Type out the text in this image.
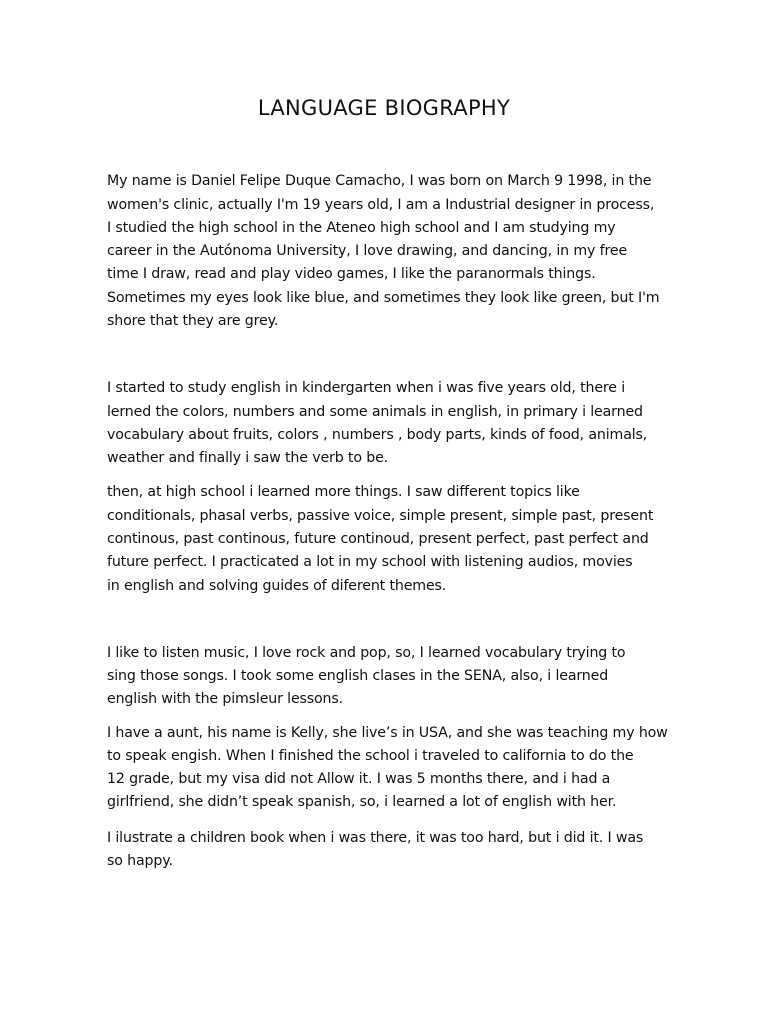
LANGUAGE BIOGRAPHY

My name is Daniel Felipe Duque Camacho, I was born on March 9 1998, in the

women's clinic, actually I'm 19 years old, I am a Industrial designer in process,

I studied the high school in the Ateneo high school and I am studying my

career in the Autónoma University, I love drawing, and dancing, in my free

time I draw, read and play video games, I like the paranormals things.

Sometimes my eyes look like blue, and sometimes they look like green, but I'm

shore that they are grey.

I started to study english in kindergarten when i was five years old, there i

lerned the colors, numbers and some animals in english, in primary i learned

vocabulary about fruits, colors , numbers , body parts, kinds of food, animals,

weather and finally i saw the verb to be.

then, at high school i learned more things. I saw different topics like

conditionals, phasal verbs, passive voice, simple present, simple past, present

continous, past continous, future continoud, present perfect, past perfect and

future perfect. I practicated a lot in my school with listening audios, movies

in english and solving guides of diferent themes.

I like to listen music, I love rock and pop, so, I learned vocabulary trying to

sing those songs. I took some english clases in the SENA, also, i learned

english with the pimsleur lessons.

I have a aunt, his name is Kelly, she live’s in USA, and she was teaching my how

to speak engish. When I finished the school i traveled to california to do the

12 grade, but my visa did not Allow it. I was 5 months there, and i had a

girlfriend, she didn’t speak spanish, so, i learned a lot of english with her.

I ilustrate a children book when i was there, it was too hard, but i did it. I was

so happy.
